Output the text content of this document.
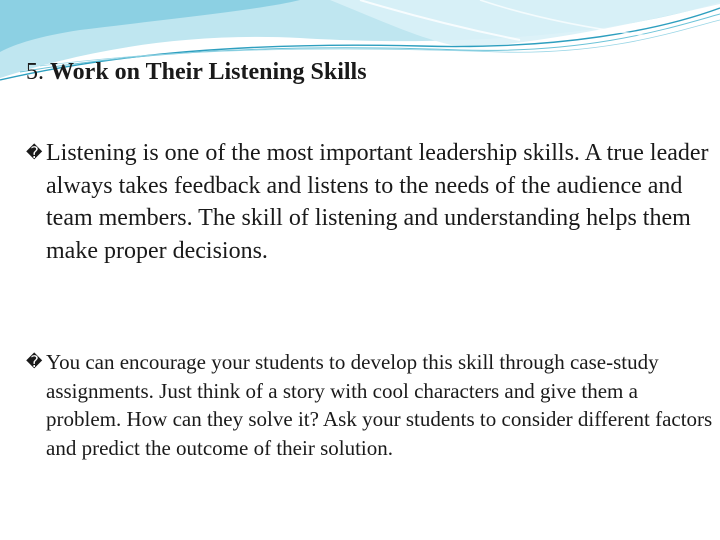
5. Work on Their Listening Skills

� Listening is one of the most important leadership skills. A true leader always takes feedback and listens to the needs of the audience and team members. The skill of listening and understanding helps them make proper decisions.

� You can encourage your students to develop this skill through case-study assignments. Just think of a story with cool characters and give them a problem. How can they solve it? Ask your students to consider different factors and predict the outcome of their solution.
